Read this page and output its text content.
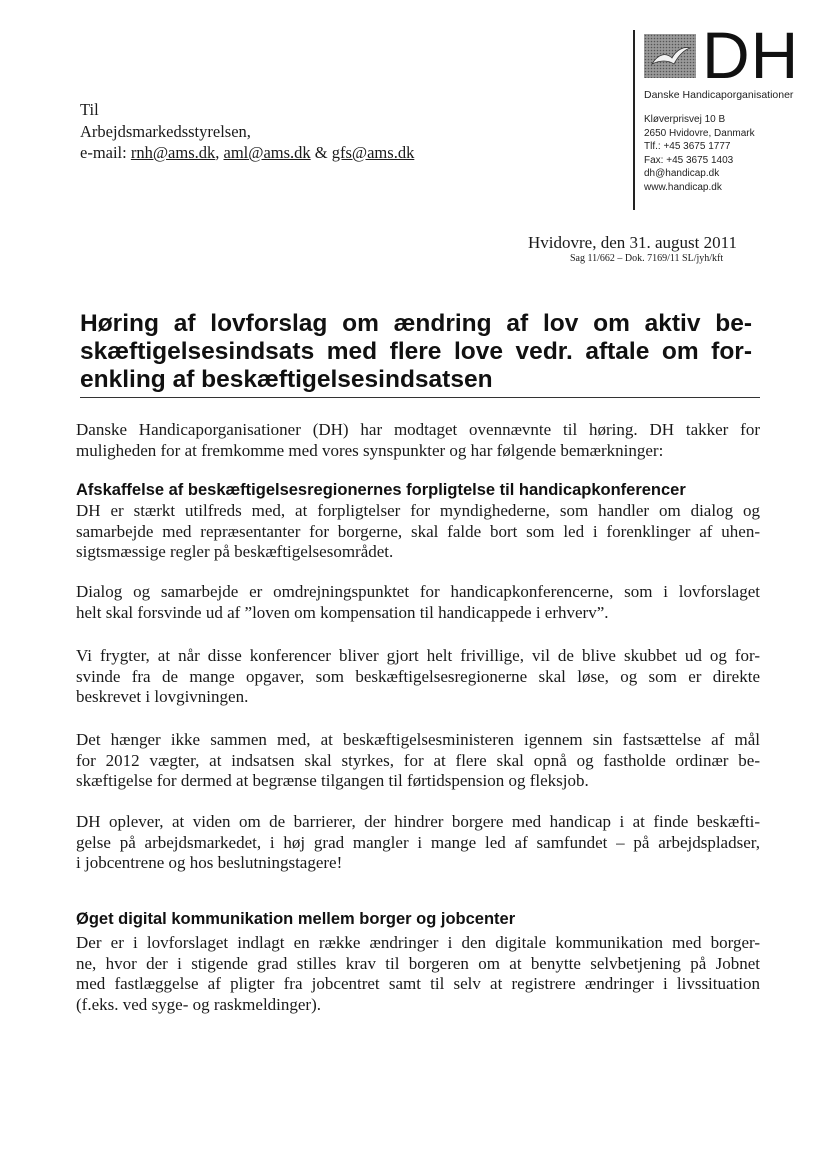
DH
Danske Handicaporganisationer
Kløverprisvej 10 B
2650 Hvidovre, Danmark
Tlf.: +45 3675 1777
Fax: +45 3675 1403
dh@handicap.dk
www.handicap.dk
Til
Arbejdsmarkedsstyrelsen,
e-mail: rnh@ams.dk, aml@ams.dk & gfs@ams.dk
Hvidovre, den 31. august 2011
Sag 11/662 – Dok. 7169/11 SL/jyh/kft
Høring af lovforslag om ændring af lov om aktiv be-
skæftigelsesindsats med flere love vedr. aftale om for-
enkling af beskæftigelsesindsatsen
Danske Handicaporganisationer (DH) har modtaget ovennævnte til høring. DH takker for
muligheden for at fremkomme med vores synspunkter og har følgende bemærkninger:
Afskaffelse af beskæftigelsesregionernes forpligtelse til handicapkonferencer
DH er stærkt utilfreds med, at forpligtelser for myndighederne, som handler om dialog og
samarbejde med repræsentanter for borgerne, skal falde bort som led i forenklinger af uhen-
sigtsmæssige regler på beskæftigelsesområdet.
Dialog og samarbejde er omdrejningspunktet for handicapkonferencerne, som i lovforslaget
helt skal forsvinde ud af ”loven om kompensation til handicappede i erhverv”.
Vi frygter, at når disse konferencer bliver gjort helt frivillige, vil de blive skubbet ud og for-
svinde fra de mange opgaver, som beskæftigelsesregionerne skal løse, og som er direkte
beskrevet i lovgivningen.
Det hænger ikke sammen med, at beskæftigelsesministeren igennem sin fastsættelse af mål
for 2012 vægter, at indsatsen skal styrkes, for at flere skal opnå og fastholde ordinær be-
skæftigelse for dermed at begrænse tilgangen til førtidspension og fleksjob.
DH oplever, at viden om de barrierer, der hindrer borgere med handicap i at finde beskæfti-
gelse på arbejdsmarkedet, i høj grad mangler i mange led af samfundet – på arbejdspladser,
i jobcentrene og hos beslutningstagere!
Øget digital kommunikation mellem borger og jobcenter
Der er i lovforslaget indlagt en række ændringer i den digitale kommunikation med borger-
ne, hvor der i stigende grad stilles krav til borgeren om at benytte selvbetjening på Jobnet
med fastlæggelse af pligter fra jobcentret samt til selv at registrere ændringer i livssituation
(f.eks. ved syge- og raskmeldinger).
